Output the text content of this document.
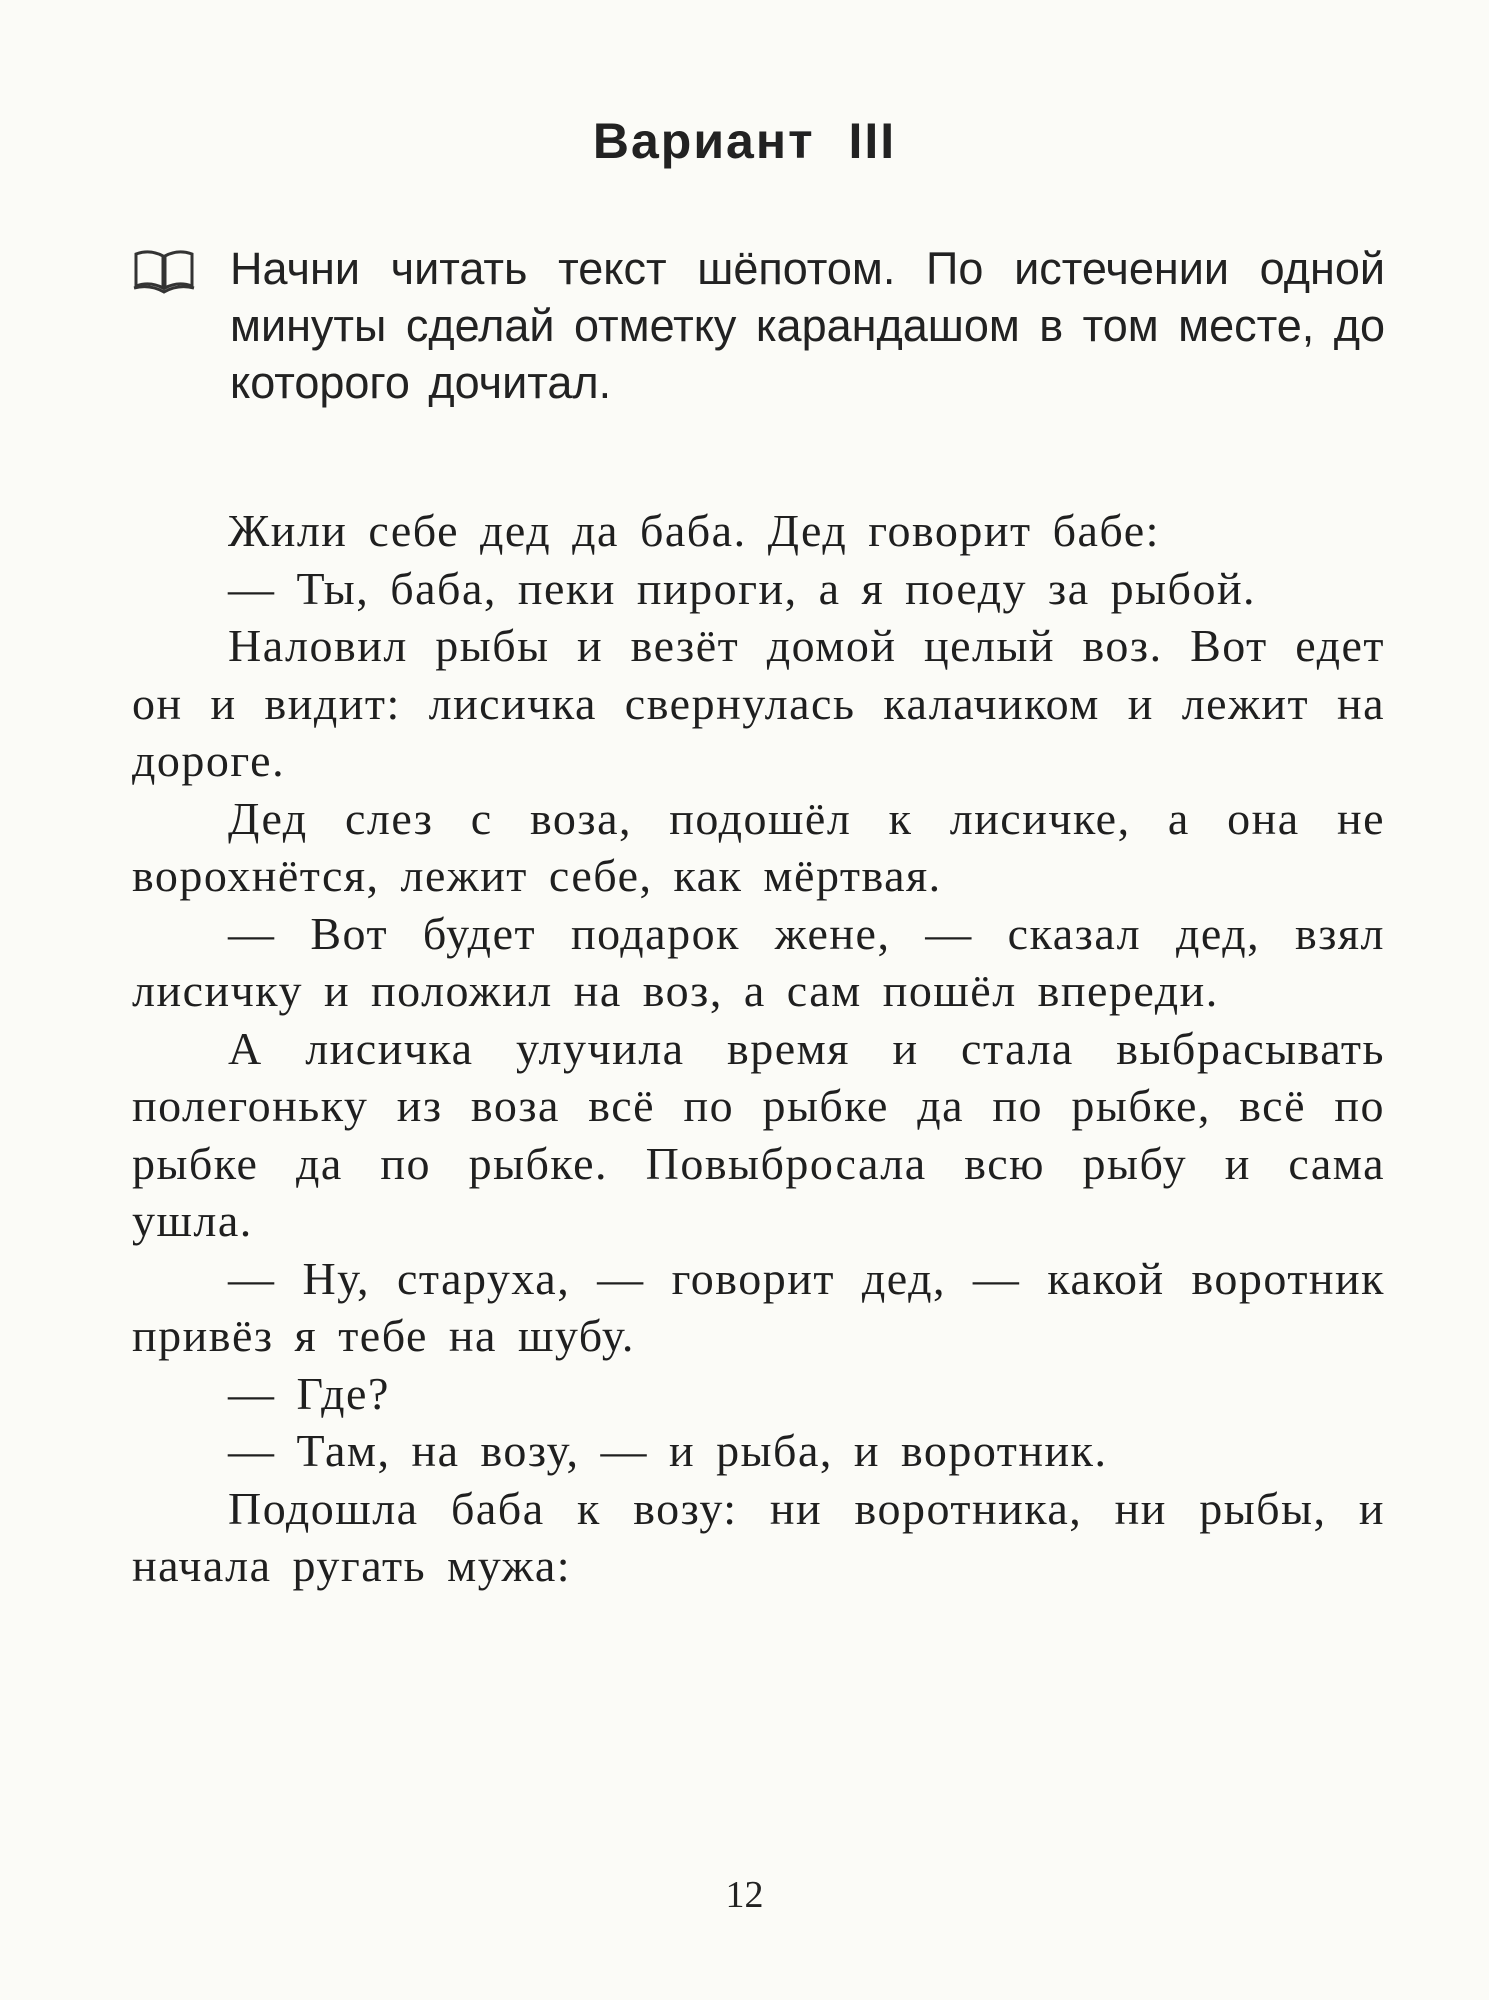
Вариант III
Начни читать текст шёпотом. По истечении одной минуты сделай отметку карандашом в том месте, до которого дочитал.

Жили себе дед да баба. Дед говорит бабе:

— Ты, баба, пеки пироги, а я поеду за рыбой.

Наловил рыбы и везёт домой целый воз. Вот едет он и видит: лисичка свернулась калачиком и лежит на дороге.

Дед слез с воза, подошёл к лисичке, а она не ворохнётся, лежит себе, как мёртвая.

— Вот будет подарок жене, — сказал дед, взял лисичку и положил на воз, а сам пошёл впереди.

А лисичка улучила время и стала выбрасывать полегоньку из воза всё по рыбке да по рыбке, всё по рыбке да по рыбке. Повыбросала всю рыбу и сама ушла.

— Ну, старуха, — говорит дед, — какой воротник привёз я тебе на шубу.

— Где?

— Там, на возу, — и рыба, и воротник.

Подошла баба к возу: ни воротника, ни рыбы, и начала ругать мужа:

12
